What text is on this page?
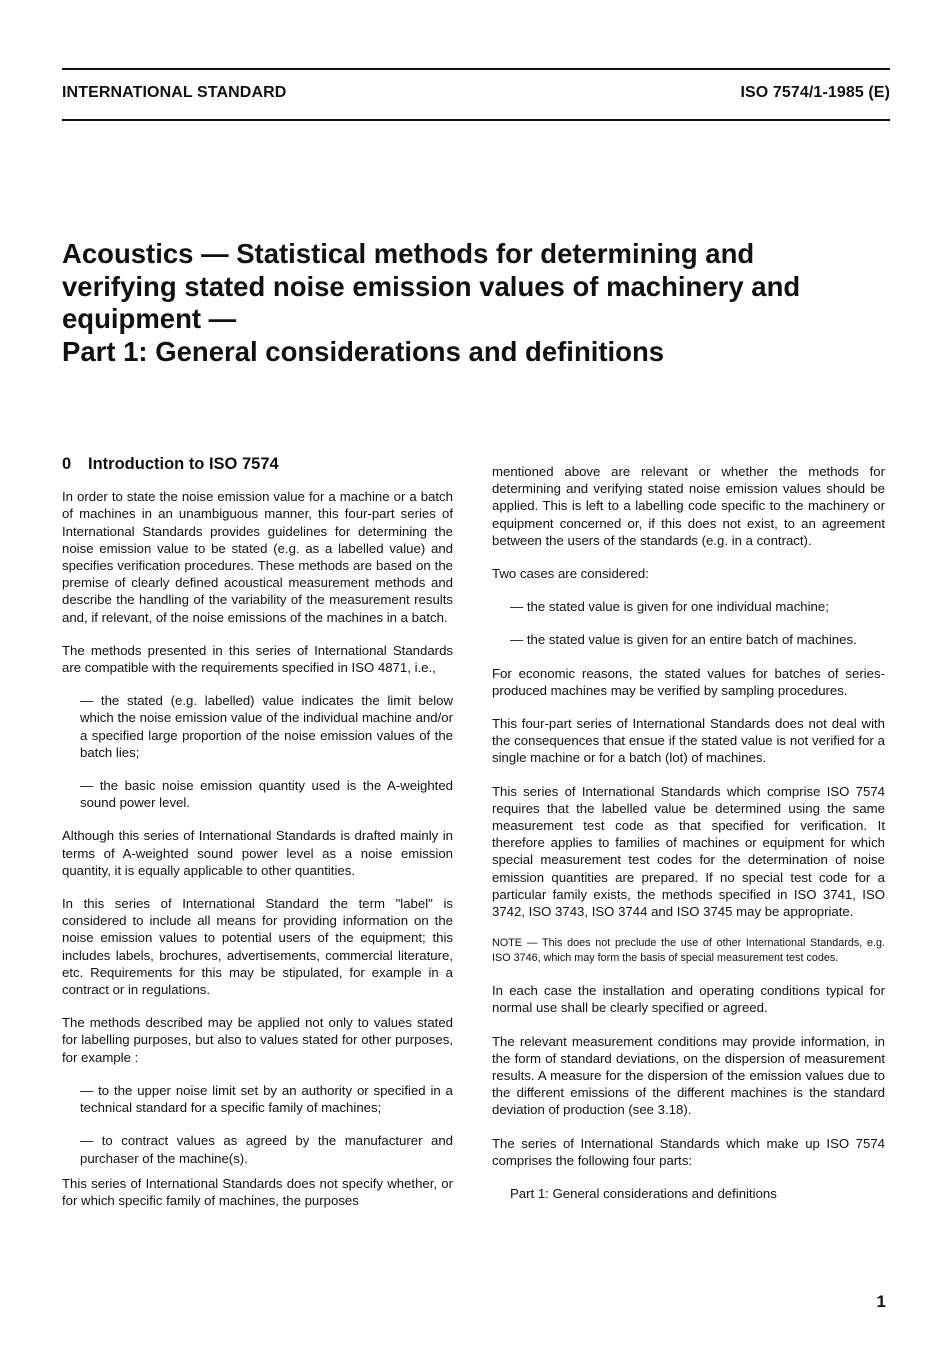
INTERNATIONAL STANDARD	ISO 7574/1-1985 (E)
Acoustics — Statistical methods for determining and
verifying stated noise emission values of machinery and
equipment —
Part 1: General considerations and definitions
0 Introduction to ISO 7574

In order to state the noise emission value for a machine or a batch of machines in an unambiguous manner, this four-part series of International Standards provides guidelines for determining the noise emission value to be stated (e.g. as a labelled value) and specifies verification procedures. These methods are based on the premise of clearly defined acoustical measurement methods and describe the handling of the variability of the measurement results and, if relevant, of the noise emissions of the machines in a batch.

The methods presented in this series of International Standards are compatible with the requirements specified in ISO 4871, i.e.,

— the stated (e.g. labelled) value indicates the limit below which the noise emission value of the individual machine and/or a specified large proportion of the noise emission values of the batch lies;

— the basic noise emission quantity used is the A-weighted sound power level.

Although this series of International Standards is drafted mainly in terms of A-weighted sound power level as a noise emission quantity, it is equally applicable to other quantities.

In this series of International Standard the term "label" is considered to include all means for providing information on the noise emission values to potential users of the equipment; this includes labels, brochures, advertisements, commercial literature, etc. Requirements for this may be stipulated, for example in a contract or in regulations.

The methods described may be applied not only to values stated for labelling purposes, but also to values stated for other purposes, for example :

— to the upper noise limit set by an authority or specified in a technical standard for a specific family of machines;

— to contract values as agreed by the manufacturer and purchaser of the machine(s).

This series of International Standards does not specify whether, or for which specific family of machines, the purposes

mentioned above are relevant or whether the methods for determining and verifying stated noise emission values should be applied. This is left to a labelling code specific to the machinery or equipment concerned or, if this does not exist, to an agreement between the users of the standards (e.g. in a contract).

Two cases are considered:

— the stated value is given for one individual machine;

— the stated value is given for an entire batch of machines.

For economic reasons, the stated values for batches of series-produced machines may be verified by sampling procedures.

This four-part series of International Standards does not deal with the consequences that ensue if the stated value is not verified for a single machine or for a batch (lot) of machines.

This series of International Standards which comprise ISO 7574 requires that the labelled value be determined using the same measurement test code as that specified for verification. It therefore applies to families of machines or equipment for which special measurement test codes for the determination of noise emission quantities are prepared. If no special test code for a particular family exists, the methods specified in ISO 3741, ISO 3742, ISO 3743, ISO 3744 and ISO 3745 may be appropriate.

NOTE — This does not preclude the use of other International Standards, e.g. ISO 3746, which may form the basis of special measurement test codes.

In each case the installation and operating conditions typical for normal use shall be clearly specified or agreed.

The relevant measurement conditions may provide information, in the form of standard deviations, on the dispersion of measurement results. A measure for the dispersion of the emission values due to the different emissions of the different machines is the standard deviation of production (see 3.18).

The series of International Standards which make up ISO 7574 comprises the following four parts:

Part 1: General considerations and definitions

1
